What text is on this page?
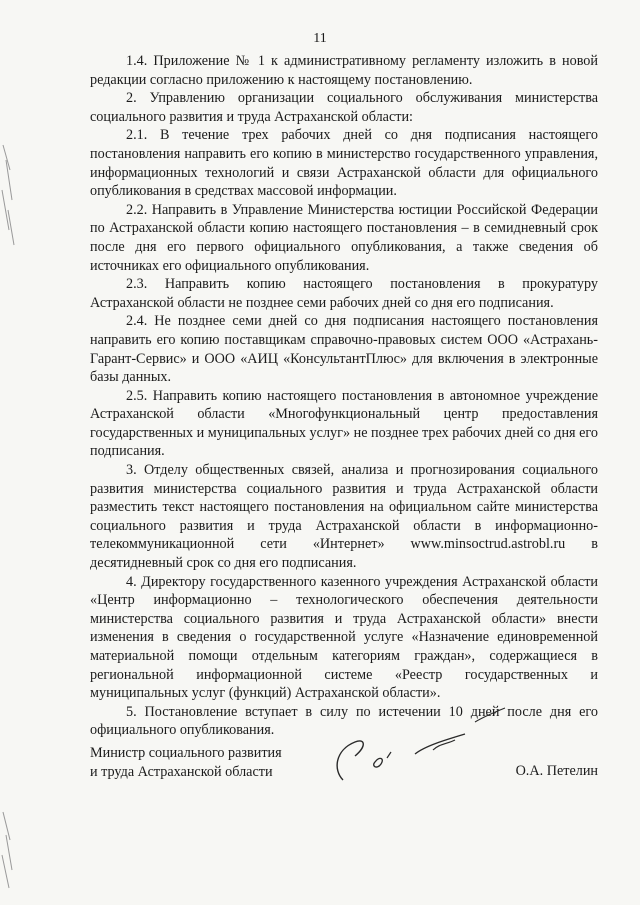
11

1.4. Приложение № 1 к административному регламенту изложить в новой редакции согласно приложению к настоящему постановлению.

2. Управлению организации социального обслуживания министерства социального развития и труда Астраханской области:

2.1. В течение трех рабочих дней со дня подписания настоящего постановления направить его копию в министерство государственного управления, информационных технологий и связи Астраханской области для официального опубликования в средствах массовой информации.

2.2. Направить в Управление Министерства юстиции Российской Федерации по Астраханской области копию настоящего постановления – в семидневный срок после дня его первого официального опубликования, а также сведения об источниках его официального опубликования.

2.3. Направить копию настоящего постановления в прокуратуру Астраханской области не позднее семи рабочих дней со дня его подписания.

2.4. Не позднее семи дней со дня подписания настоящего постановления направить его копию поставщикам справочно-правовых систем ООО «Астрахань-Гарант-Сервис» и ООО «АИЦ «КонсультантПлюс» для включения в электронные базы данных.

2.5. Направить копию настоящего постановления в автономное учреждение Астраханской области «Многофункциональный центр предоставления государственных и муниципальных услуг» не позднее трех рабочих дней со дня его подписания.

3. Отделу общественных связей, анализа и прогнозирования социального развития министерства социального развития и труда Астраханской области разместить текст настоящего постановления на официальном сайте министерства социального развития и труда Астраханской области в информационно-телекоммуникационной сети «Интернет» www.minsoctrud.astrobl.ru в десятидневный срок со дня его подписания.

4. Директору государственного казенного учреждения Астраханской области «Центр информационно – технологического обеспечения деятельности министерства социального развития и труда Астраханской области» внести изменения в сведения о государственной услуге «Назначение единовременной материальной помощи отдельным категориям граждан», содержащиеся в региональной информационной системе «Реестр государственных и муниципальных услуг (функций) Астраханской области».

5. Постановление вступает в силу по истечении 10 дней после дня его официального опубликования.

Министр социального развития
и труда Астраханской области	О.А. Петелин
